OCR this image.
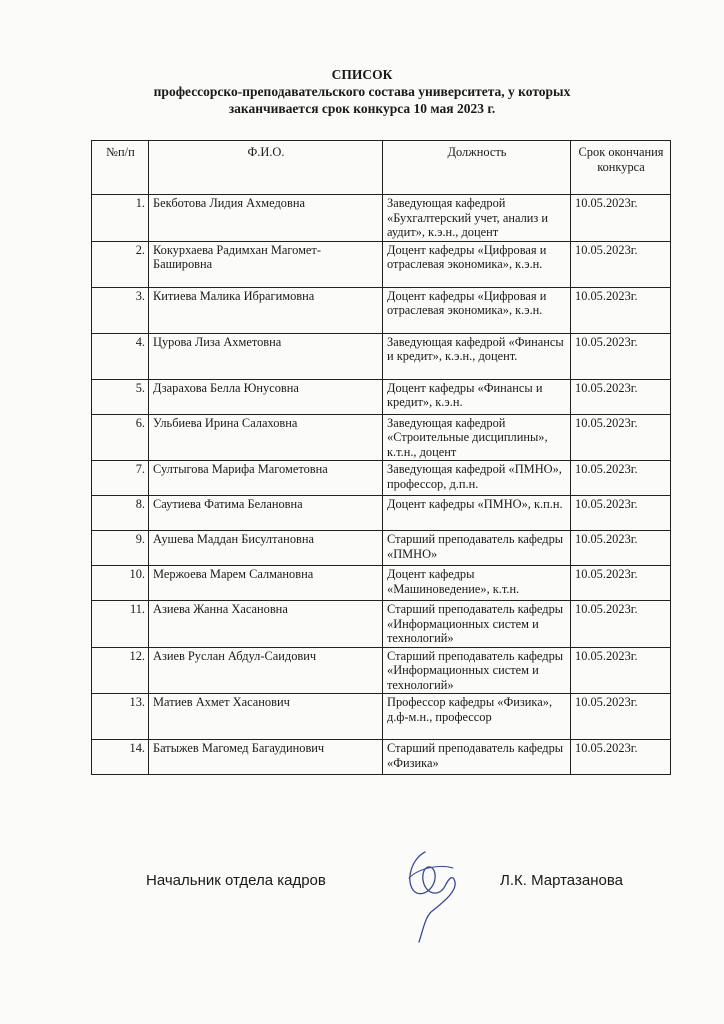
СПИСОК
профессорско-преподавательского состава университета, у которых
заканчивается срок конкурса 10 мая 2023 г.
№п/п	Ф.И.О.	Должность	Срок окончания конкурса
1.	Бекботова Лидия Ахмедовна	Заведующая кафедрой «Бухгалтерский учет, анализ и аудит», к.э.н., доцент	10.05.2023г.
2.	Кокурхаева Радимхан Магомет-Башировна	Доцент кафедры «Цифровая и отраслевая экономика», к.э.н.	10.05.2023г.
3.	Китиева Малика Ибрагимовна	Доцент кафедры «Цифровая и отраслевая экономика», к.э.н.	10.05.2023г.
4.	Цурова Лиза Ахметовна	Заведующая кафедрой «Финансы и кредит», к.э.н., доцент.	10.05.2023г.
5.	Дзарахова Белла Юнусовна	Доцент кафедры «Финансы и кредит», к.э.н.	10.05.2023г.
6.	Ульбиева Ирина Салаховна	Заведующая кафедрой «Строительные дисциплины», к.т.н., доцент	10.05.2023г.
7.	Султыгова Марифа Магометовна	Заведующая кафедрой «ПМНО», профессор, д.п.н.	10.05.2023г.
8.	Саутиева Фатима Белановна	Доцент кафедры «ПМНО», к.п.н.	10.05.2023г.
9.	Аушева Маддан Бисултановна	Старший преподаватель кафедры «ПМНО»	10.05.2023г.
10.	Мержоева Марем Салмановна	Доцент кафедры «Машиноведение», к.т.н.	10.05.2023г.
11.	Азиева Жанна Хасановна	Старший преподаватель кафедры «Информационных систем и технологий»	10.05.2023г.
12.	Азиев Руслан Абдул-Саидович	Старший преподаватель кафедры «Информационных систем и технологий»	10.05.2023г.
13.	Матиев Ахмет Хасанович	Профессор кафедры «Физика», д.ф-м.н., профессор	10.05.2023г.
14.	Батыжев Магомед Багаудинович	Старший преподаватель кафедры «Физика»	10.05.2023г.
Начальник отдела кадров	Л.К. Мартазанова
